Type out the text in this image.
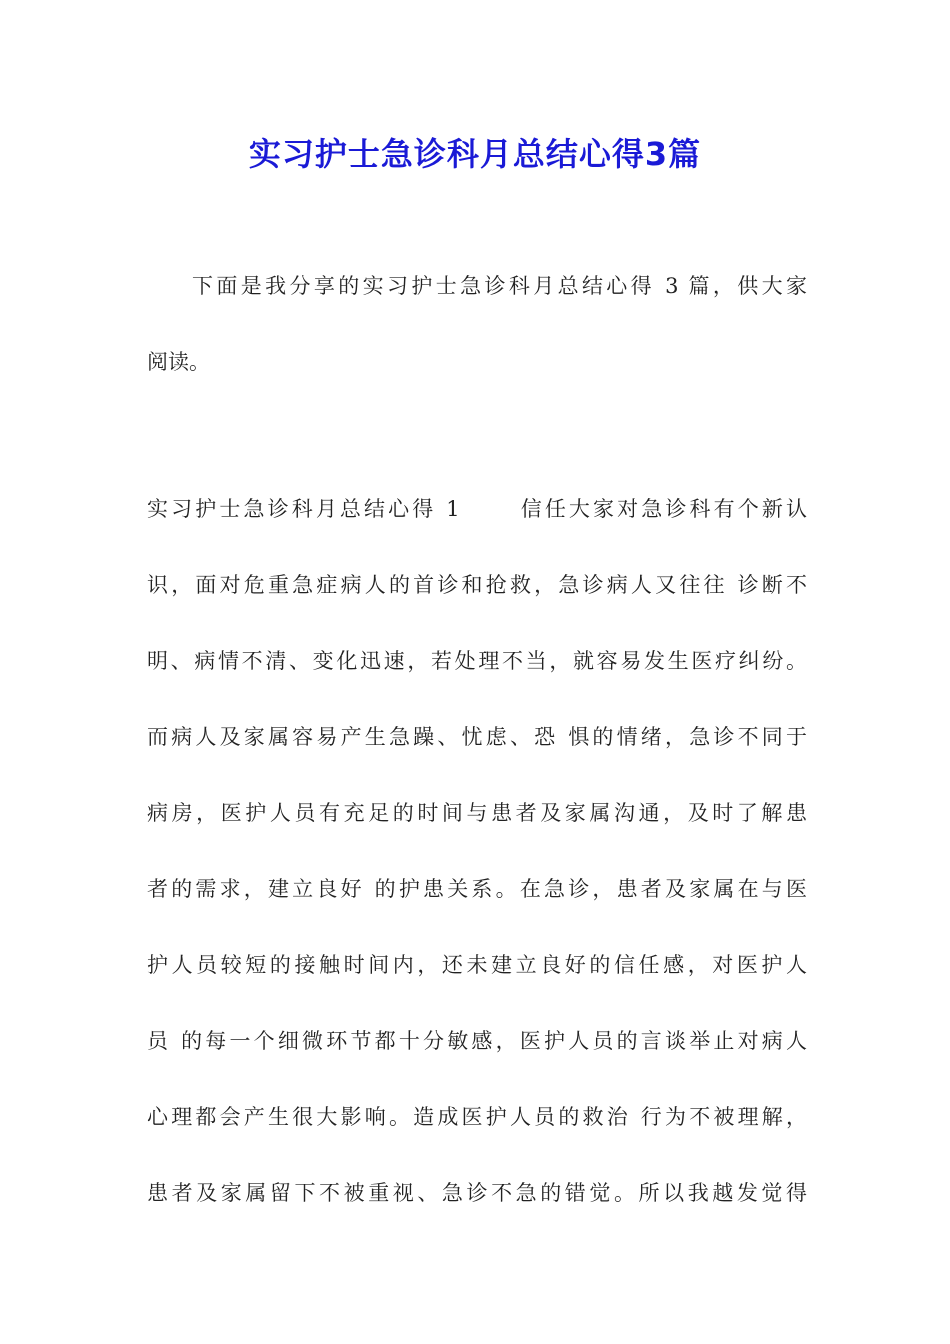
实习护士急诊科月总结心得3篇
下面是我分享的实习护士急诊科月总结心得 3 篇，供大家
阅读。
实习护士急诊科月总结心得 1　　 信任大家对急诊科有个新认
识，面对危重急症病人的首诊和抢救，急诊病人又往往 诊断不
明、病情不清、变化迅速，若处理不当，就容易发生医疗纠纷。
而病人及家属容易产生急躁、忧虑、恐 惧的情绪，急诊不同于
病房，医护人员有充足的时间与患者及家属沟通，及时了解患
者的需求，建立良好 的护患关系。在急诊，患者及家属在与医
护人员较短的接触时间内，还未建立良好的信任感，对医护人
员 的每一个细微环节都十分敏感，医护人员的言谈举止对病人
心理都会产生很大影响。造成医护人员的救治 行为不被理解，
患者及家属留下不被重视、急诊不急的错觉。所以我越发觉得
